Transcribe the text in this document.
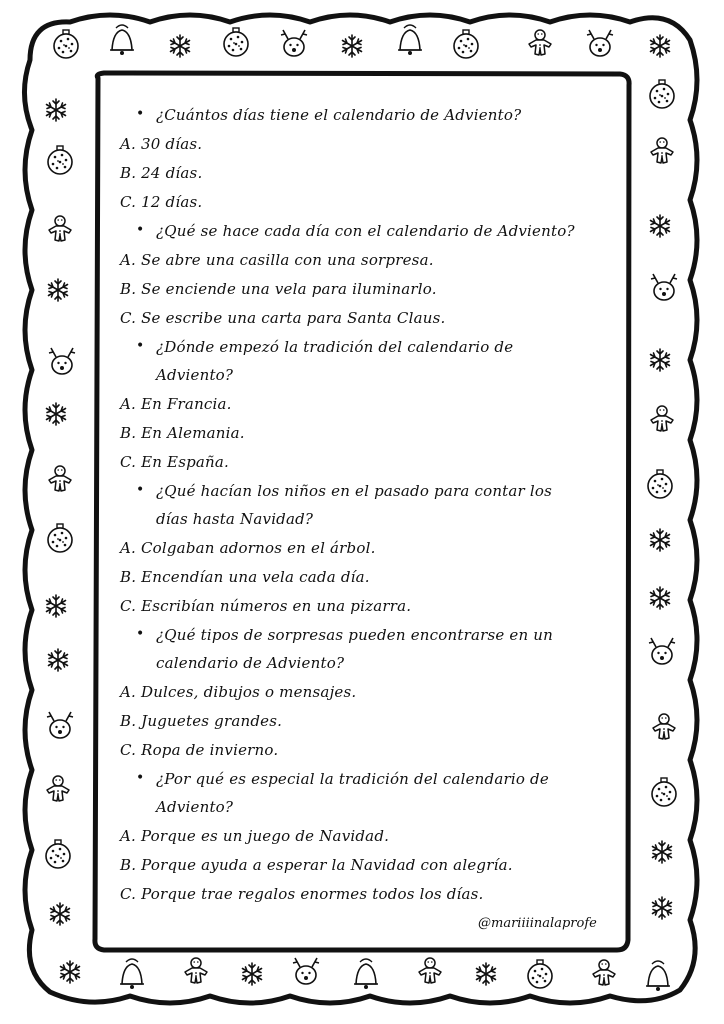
• ¿Cuántos días tiene el calendario de Adviento?
A. 30 días.
B. 24 días.
C. 12 días.
• ¿Qué se hace cada día con el calendario de Adviento?
A. Se abre una casilla con una sorpresa.
B. Se enciende una vela para iluminarlo.
C. Se escribe una carta para Santa Claus.
• ¿Dónde empezó la tradición del calendario de
Adviento?
A. En Francia.
B. En Alemania.
C. En España.
• ¿Qué hacían los niños en el pasado para contar los
días hasta Navidad?
A. Colgaban adornos en el árbol.
B. Encendían una vela cada día.
C. Escribían números en una pizarra.
• ¿Qué tipos de sorpresas pueden encontrarse en un
calendario de Adviento?
A. Dulces, dibujos o mensajes.
B. Juguetes grandes.
C. Ropa de invierno.
• ¿Por qué es especial la tradición del calendario de
Adviento?
A. Porque es un juego de Navidad.
B. Porque ayuda a esperar la Navidad con alegría.
C. Porque trae regalos enormes todos los días.
@mariiiinalaprofe
